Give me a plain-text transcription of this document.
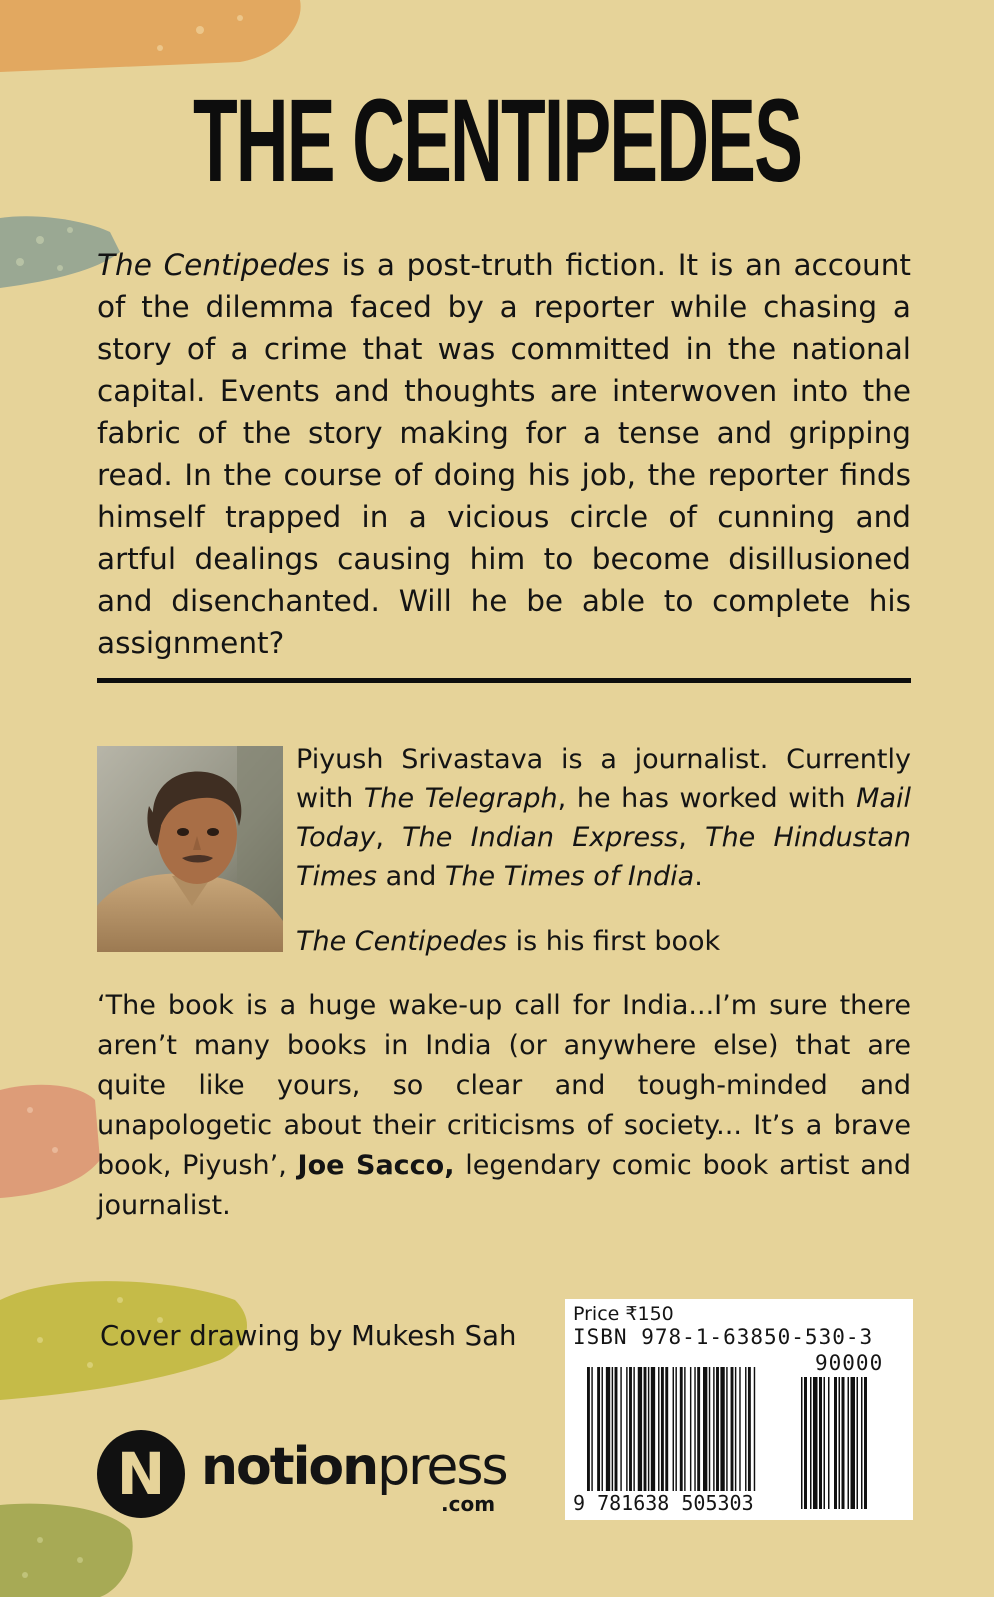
THE CENTIPEDES

The Centipedes is a post-truth fiction. It is an account of the dilemma faced by a reporter while chasing a story of a crime that was committed in the national capital. Events and thoughts are interwoven into the fabric of the story making for a tense and gripping read. In the course of doing his job, the reporter finds himself trapped in a vicious circle of cunning and artful dealings causing him to become disillusioned and disenchanted. Will he be able to complete his assignment?

Piyush Srivastava is a journalist. Currently with The Telegraph, he has worked with Mail Today, The Indian Express, The Hindustan Times and The Times of India.

The Centipedes is his first book

‘The book is a huge wake-up call for India...I’m sure there aren’t many books in India (or anywhere else) that are quite like yours, so clear and tough-minded and unapologetic about their criticisms of society... It’s a brave book, Piyush’, Joe Sacco, legendary comic book artist and journalist.

Cover drawing by Mukesh Sah

N notionpress
.com
Price ₹150
ISBN 978-1-63850-530-3
90000
9 781638 505303
